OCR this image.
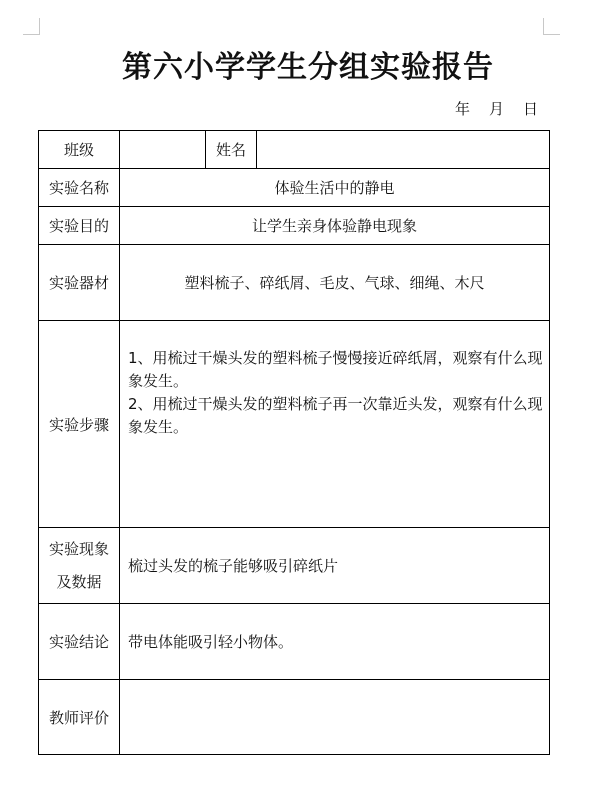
第六小学学生分组实验报告
年 月 日
班级		姓名	
实验名称	体验生活中的静电		
实验目的	让学生亲身体验静电现象		
实验器材	塑料梳子、碎纸屑、毛皮、气球、细绳、木尺		
实验步骤	1、用梳过干燥头发的塑料梳子慢慢接近碎纸屑，观察有什么现象发生。
2、用梳过干燥头发的塑料梳子再一次靠近头发，观察有什么现象发生。		

实验现象
及数据	梳过头发的梳子能够吸引碎纸片		
实验结论	带电体能吸引轻小物体。		
教师评价			
